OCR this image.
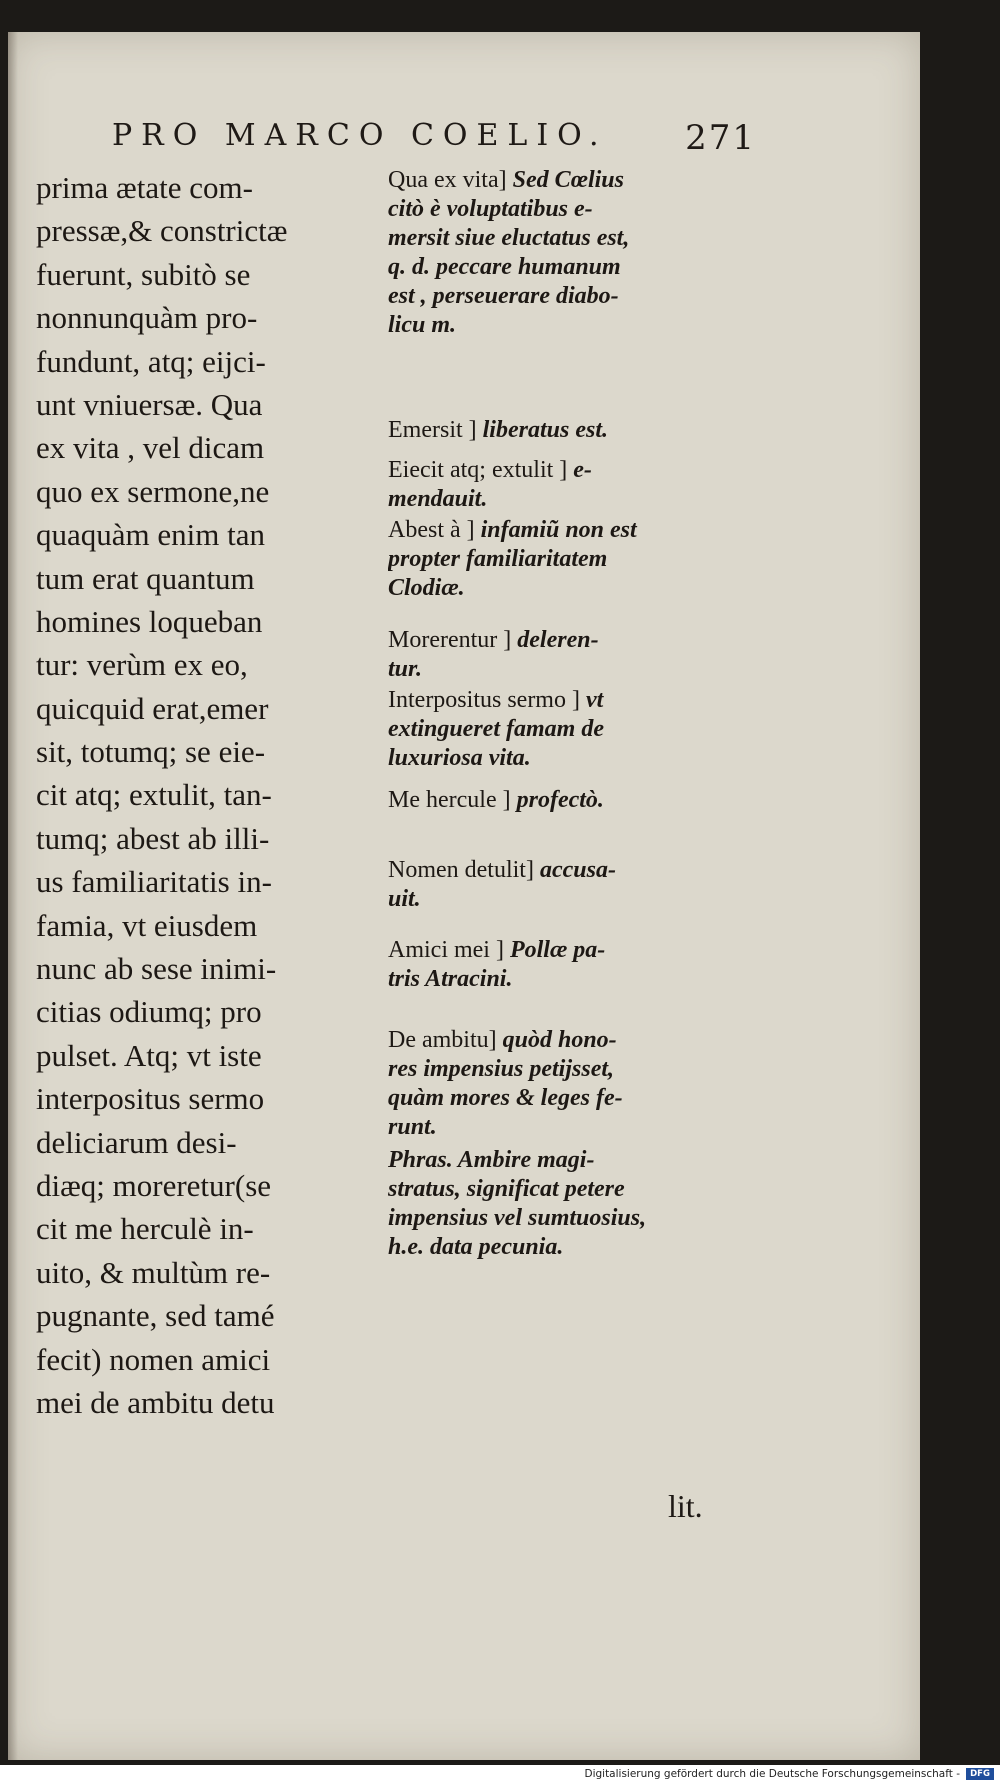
PRO MARCO COELIO. 271
prima ætate com-
pressæ,& constrictæ
fuerunt, subitò se
nonnunquàm pro-
fundunt, atq; eijci-
unt vniuersæ. Qua
ex vita , vel dicam
quo ex sermone,ne
quaquàm enim tan
tum erat quantum
homines loqueban
tur: verùm ex eo,
quicquid erat,emer
sit, totumq; se eie-
cit atq; extulit, tan-
tumq; abest ab illi-
us familiaritatis in-
famia, vt eiusdem
nunc ab sese inimi-
citias odiumq; pro
pulset. Atq; vt iste
interpositus sermo
deliciarum desi-
diæq; moreretur(se
cit me herculè in-
uito, & multùm re-
pugnante, sed tamé
fecit) nomen amici
mei de ambitu detu
Qua ex vita] Sed Cœlius
citò è voluptatibus e-
mersit siue eluctatus est,
q. d. peccare humanum
est , perseuerare diabo-
licu m.
Emersit ] liberatus est.
Eiecit atq; extulit ] e-
mendauit.
Abest à ] infamiũ non est
propter familiaritatem
Clodiæ.
Morerentur ] deleren-
tur.
Interpositus sermo ] vt
extingueret famam de
luxuriosa vita.
Me hercule ] profectò.
Nomen detulit] accusa-
uit.
Amici mei ] Pollæ pa-
tris Atracini.
De ambitu] quòd hono-
res impensius petijsset,
quàm mores & leges fe-
runt.
Phras. Ambire magi-
stratus, significat petere
impensius vel sumtuosius,
h.e. data pecunia.
lit.
Digitalisierung gefördert durch die Deutsche Forschungsgemeinschaft -	DFG
